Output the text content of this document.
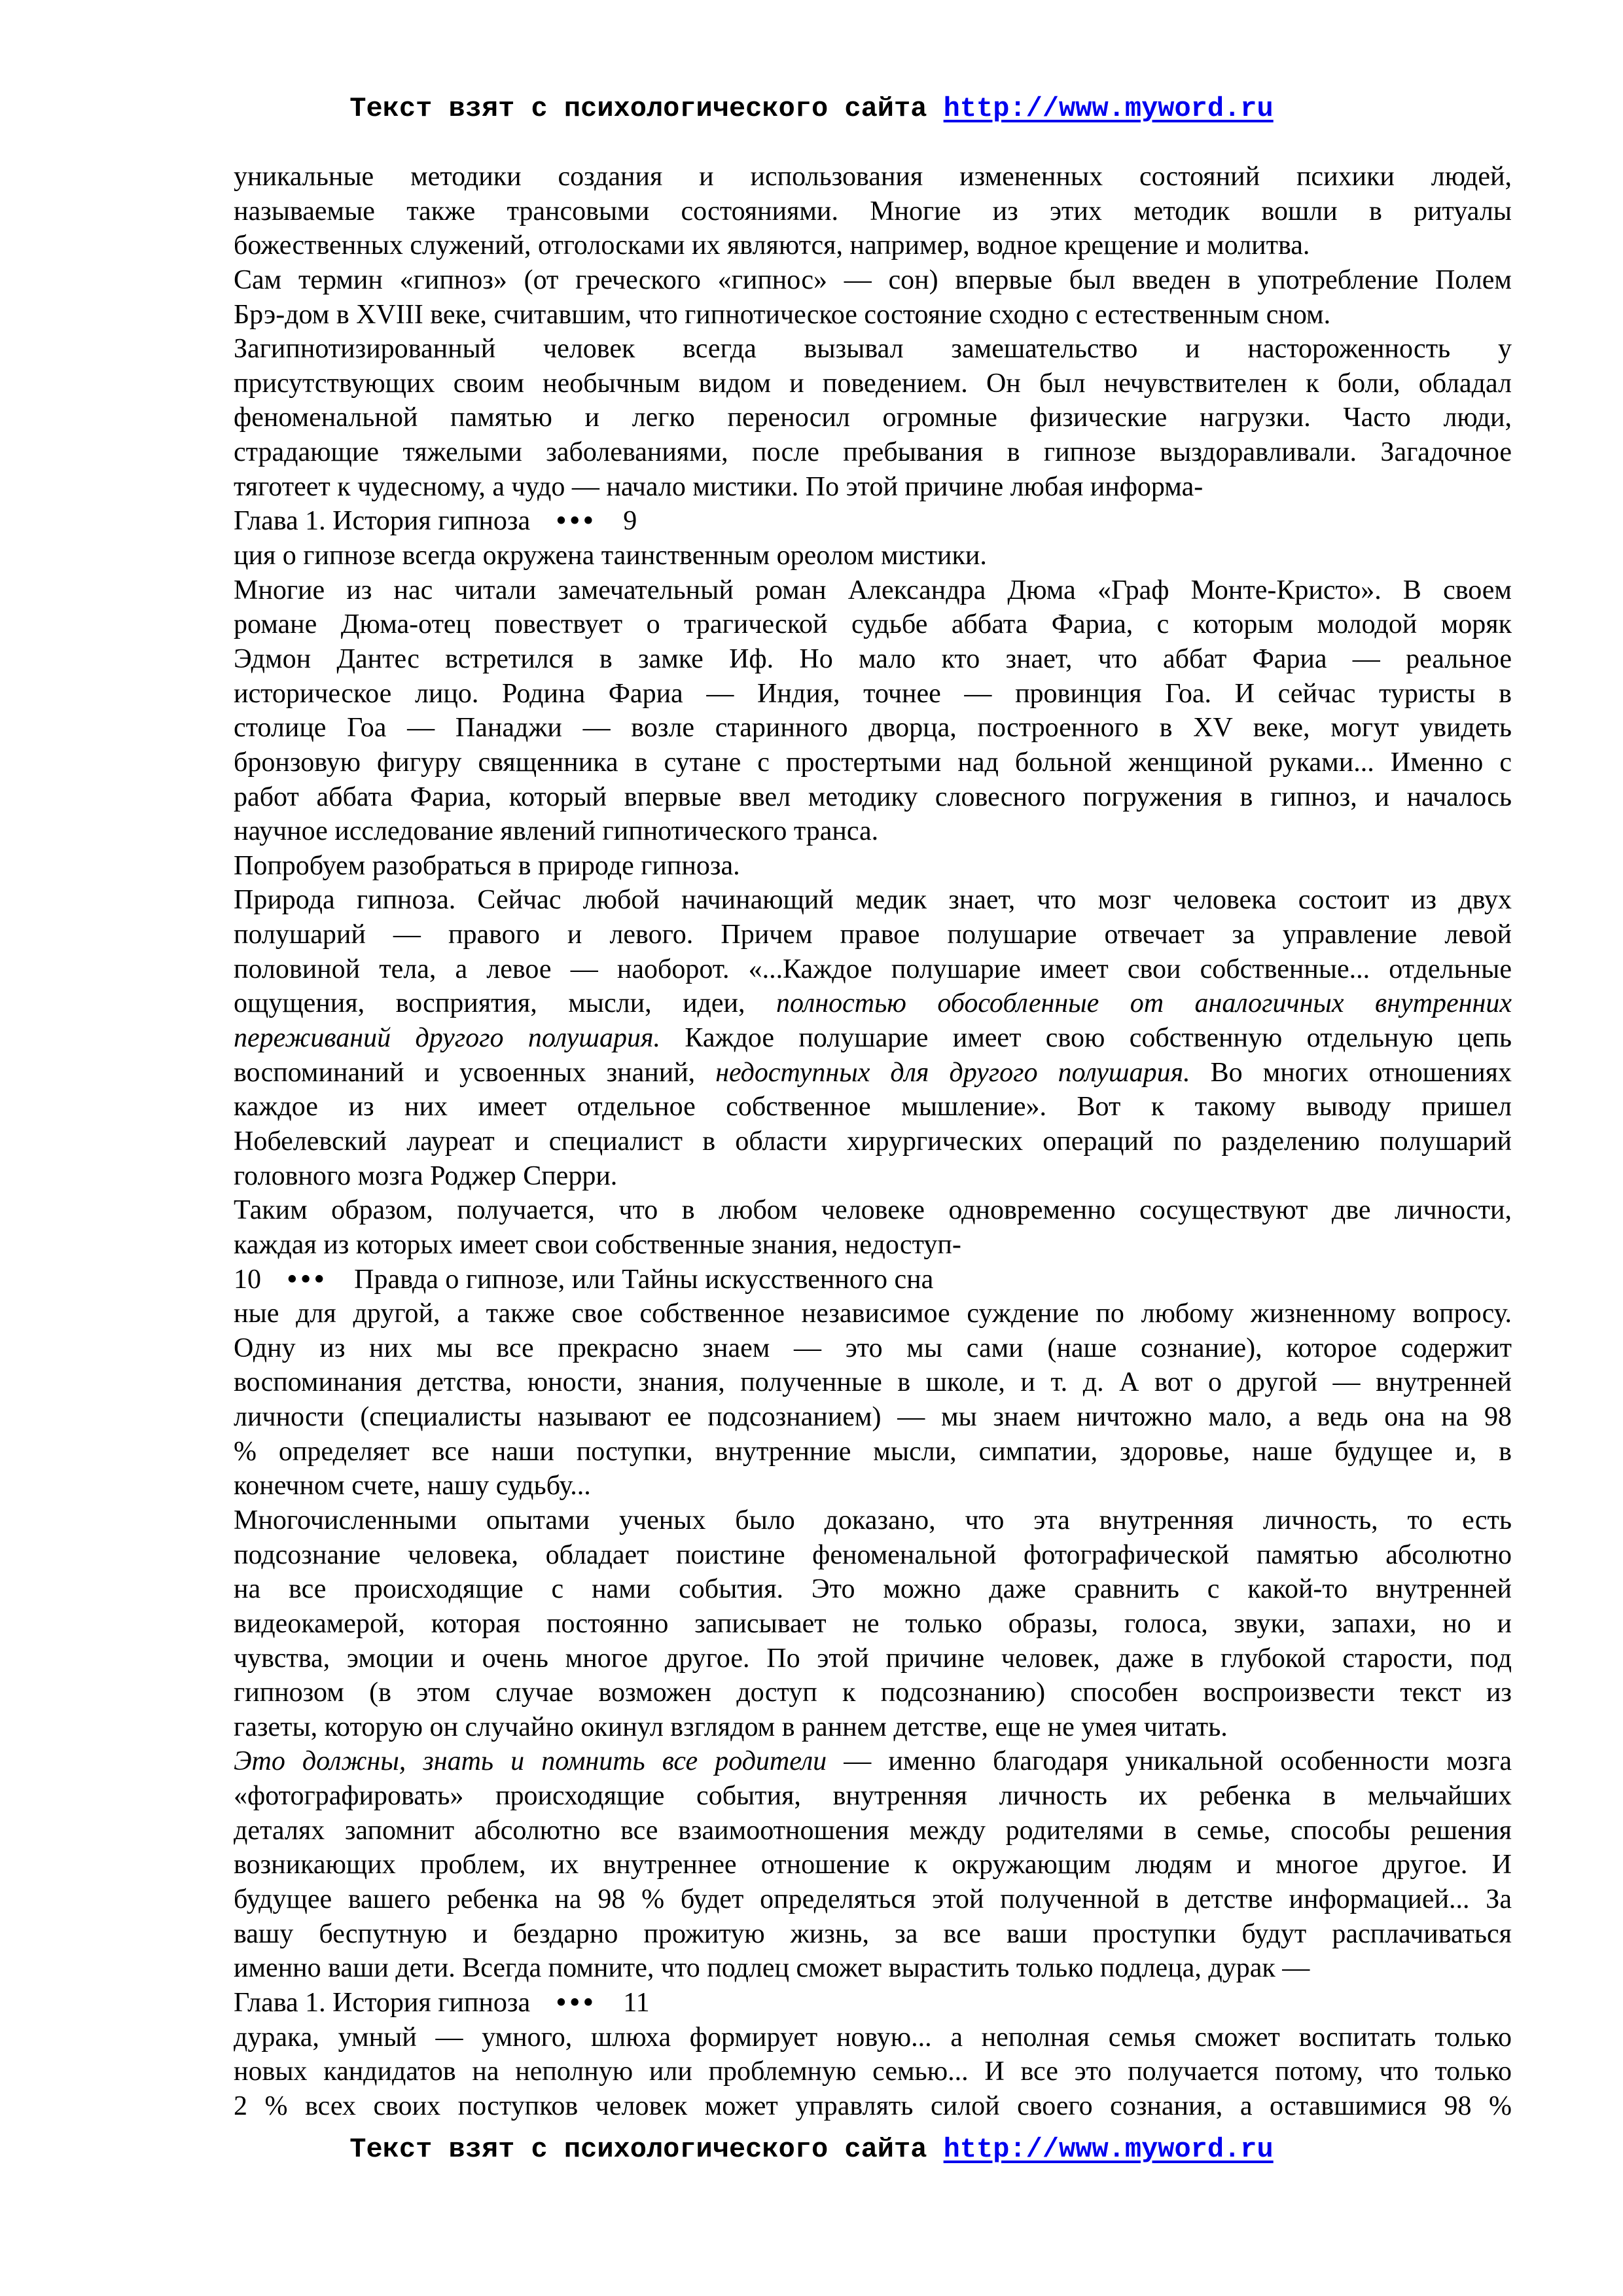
Текст взят с психологического сайта http://www.myword.ru
уникальные методики создания и использования измененных состояний психики людей,
называемые также трансовыми состояниями. Многие из этих методик вошли в ритуалы
божественных служений, отголосками их являются, например, водное крещение и молитва.
Сам термин «гипноз» (от греческого «гипнос» — сон) впервые был введен в употребление Полем
Брэ-дом в XVIII веке, считавшим, что гипнотическое состояние сходно с естественным сном.
Загипнотизированный человек всегда вызывал замешательство и настороженность у
присутствующих своим необычным видом и поведением. Он был нечувствителен к боли, обладал
феноменальной памятью и легко переносил огромные физические нагрузки. Часто люди,
страдающие тяжелыми заболеваниями, после пребывания в гипнозе выздоравливали. Загадочное
тяготеет к чудесному, а чудо — начало мистики. По этой причине любая информа-
Глава 1. История гипноза ••• 9
ция о гипнозе всегда окружена таинственным ореолом мистики.
Многие из нас читали замечательный роман Александра Дюма «Граф Монте-Кристо». В своем
романе Дюма-отец повествует о трагической судьбе аббата Фариа, с которым молодой моряк
Эдмон Дантес встретился в замке Иф. Но мало кто знает, что аббат Фариа — реальное
историческое лицо. Родина Фариа — Индия, точнее — провинция Гоа. И сейчас туристы в
столице Гоа — Панаджи — возле старинного дворца, построенного в XV веке, могут увидеть
бронзовую фигуру священника в сутане с простертыми над больной женщиной руками... Именно с
работ аббата Фариа, который впервые ввел методику словесного погружения в гипноз, и началось
научное исследование явлений гипнотического транса.
Попробуем разобраться в природе гипноза.
Природа гипноза. Сейчас любой начинающий медик знает, что мозг человека состоит из двух
полушарий — правого и левого. Причем правое полушарие отвечает за управление левой
половиной тела, а левое — наоборот. «...Каждое полушарие имеет свои собственные... отдельные
ощущения, восприятия, мысли, идеи, полностью обособленные от аналогичных внутренних
переживаний другого полушария. Каждое полушарие имеет свою собственную отдельную цепь
воспоминаний и усвоенных знаний, недоступных для другого полушария. Во многих отношениях
каждое из них имеет отдельное собственное мышление». Вот к такому выводу пришел
Нобелевский лауреат и специалист в области хирургических операций по разделению полушарий
головного мозга Роджер Сперри.
Таким образом, получается, что в любом человеке одновременно сосуществуют две личности,
каждая из которых имеет свои собственные знания, недоступ-
10 ••• Правда о гипнозе, или Тайны искусственного сна
ные для другой, а также свое собственное независимое суждение по любому жизненному вопросу.
Одну из них мы все прекрасно знаем — это мы сами (наше сознание), которое содержит
воспоминания детства, юности, знания, полученные в школе, и т. д. А вот о другой — внутренней
личности (специалисты называют ее подсознанием) — мы знаем ничтожно мало, а ведь она на 98
% определяет все наши поступки, внутренние мысли, симпатии, здоровье, наше будущее и, в
конечном счете, нашу судьбу...
Многочисленными опытами ученых было доказано, что эта внутренняя личность, то есть
подсознание человека, обладает поистине феноменальной фотографической памятью абсолютно
на все происходящие с нами события. Это можно даже сравнить с какой-то внутренней
видеокамерой, которая постоянно записывает не только образы, голоса, звуки, запахи, но и
чувства, эмоции и очень многое другое. По этой причине человек, даже в глубокой старости, под
гипнозом (в этом случае возможен доступ к подсознанию) способен воспроизвести текст из
газеты, которую он случайно окинул взглядом в раннем детстве, еще не умея читать.
Это должны, знать и помнить все родители — именно благодаря уникальной особенности мозга
«фотографировать» происходящие события, внутренняя личность их ребенка в мельчайших
деталях запомнит абсолютно все взаимоотношения между родителями в семье, способы решения
возникающих проблем, их внутреннее отношение к окружающим людям и многое другое. И
будущее вашего ребенка на 98 % будет определяться этой полученной в детстве информацией... За
вашу беспутную и бездарно прожитую жизнь, за все ваши проступки будут расплачиваться
именно ваши дети. Всегда помните, что подлец сможет вырастить только подлеца, дурак —
Глава 1. История гипноза ••• 11
дурака, умный — умного, шлюха формирует новую... а неполная семья сможет воспитать только
новых кандидатов на неполную или проблемную семью... И все это получается потому, что только
2 % всех своих поступков человек может управлять силой своего сознания, а оставшимися 98 %
Текст взят с психологического сайта http://www.myword.ru
